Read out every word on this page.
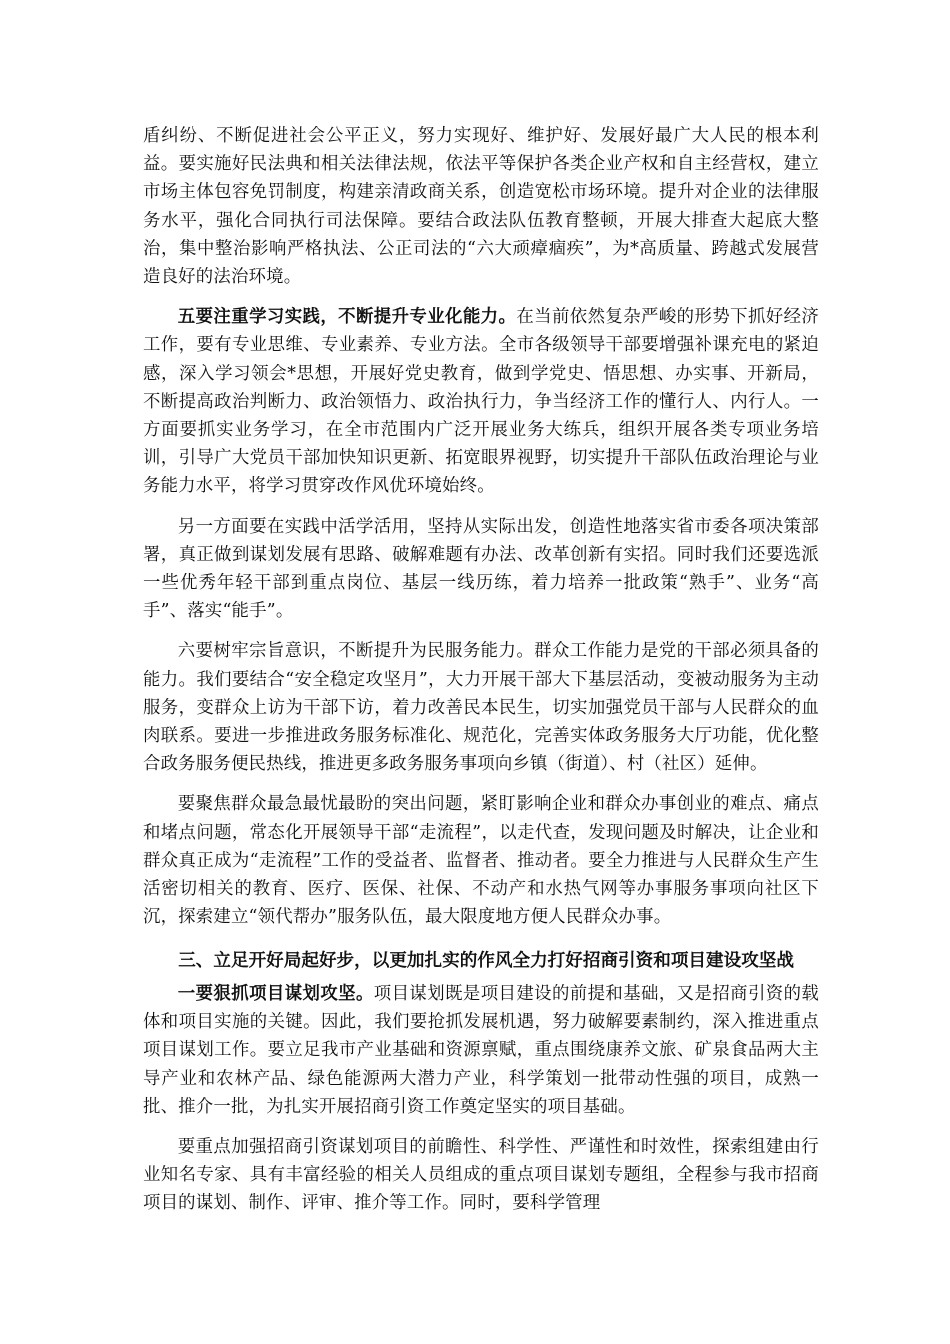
盾纠纷、不断促进社会公平正义，努力实现好、维护好、发展好最广大人民的根本利益。要实施好民法典和相关法律法规，依法平等保护各类企业产权和自主经营权，建立市场主体包容免罚制度，构建亲清政商关系，创造宽松市场环境。提升对企业的法律服务水平，强化合同执行司法保障。要结合政法队伍教育整顿，开展大排查大起底大整治，集中整治影响严格执法、公正司法的“六大顽瘴痼疾”，为*高质量、跨越式发展营造良好的法治环境。

五要注重学习实践，不断提升专业化能力。在当前依然复杂严峻的形势下抓好经济工作，要有专业思维、专业素养、专业方法。全市各级领导干部要增强补课充电的紧迫感，深入学习领会*思想，开展好党史教育，做到学党史、悟思想、办实事、开新局，不断提高政治判断力、政治领悟力、政治执行力，争当经济工作的懂行人、内行人。一方面要抓实业务学习，在全市范围内广泛开展业务大练兵，组织开展各类专项业务培训，引导广大党员干部加快知识更新、拓宽眼界视野，切实提升干部队伍政治理论与业务能力水平，将学习贯穿改作风优环境始终。

另一方面要在实践中活学活用，坚持从实际出发，创造性地落实省市委各项决策部署，真正做到谋划发展有思路、破解难题有办法、改革创新有实招。同时我们还要选派一些优秀年轻干部到重点岗位、基层一线历练，着力培养一批政策“熟手”、业务“高手”、落实“能手”。

六要树牢宗旨意识，不断提升为民服务能力。群众工作能力是党的干部必须具备的能力。我们要结合“安全稳定攻坚月”，大力开展干部大下基层活动，变被动服务为主动服务，变群众上访为干部下访，着力改善民本民生，切实加强党员干部与人民群众的血肉联系。要进一步推进政务服务标准化、规范化，完善实体政务服务大厅功能，优化整合政务服务便民热线，推进更多政务服务事项向乡镇（街道）、村（社区）延伸。

要聚焦群众最急最忧最盼的突出问题，紧盯影响企业和群众办事创业的难点、痛点和堵点问题，常态化开展领导干部“走流程”，以走代查，发现问题及时解决，让企业和群众真正成为“走流程”工作的受益者、监督者、推动者。要全力推进与人民群众生产生活密切相关的教育、医疗、医保、社保、不动产和水热气网等办事服务事项向社区下沉，探索建立“领代帮办”服务队伍，最大限度地方便人民群众办事。

三、立足开好局起好步，以更加扎实的作风全力打好招商引资和项目建设攻坚战

一要狠抓项目谋划攻坚。项目谋划既是项目建设的前提和基础，又是招商引资的载体和项目实施的关键。因此，我们要抢抓发展机遇，努力破解要素制约，深入推进重点项目谋划工作。要立足我市产业基础和资源禀赋，重点围绕康养文旅、矿泉食品两大主导产业和农林产品、绿色能源两大潜力产业，科学策划一批带动性强的项目，成熟一批、推介一批，为扎实开展招商引资工作奠定坚实的项目基础。

要重点加强招商引资谋划项目的前瞻性、科学性、严谨性和时效性，探索组建由行业知名专家、具有丰富经验的相关人员组成的重点项目谋划专题组，全程参与我市招商项目的谋划、制作、评审、推介等工作。同时，要科学管理
